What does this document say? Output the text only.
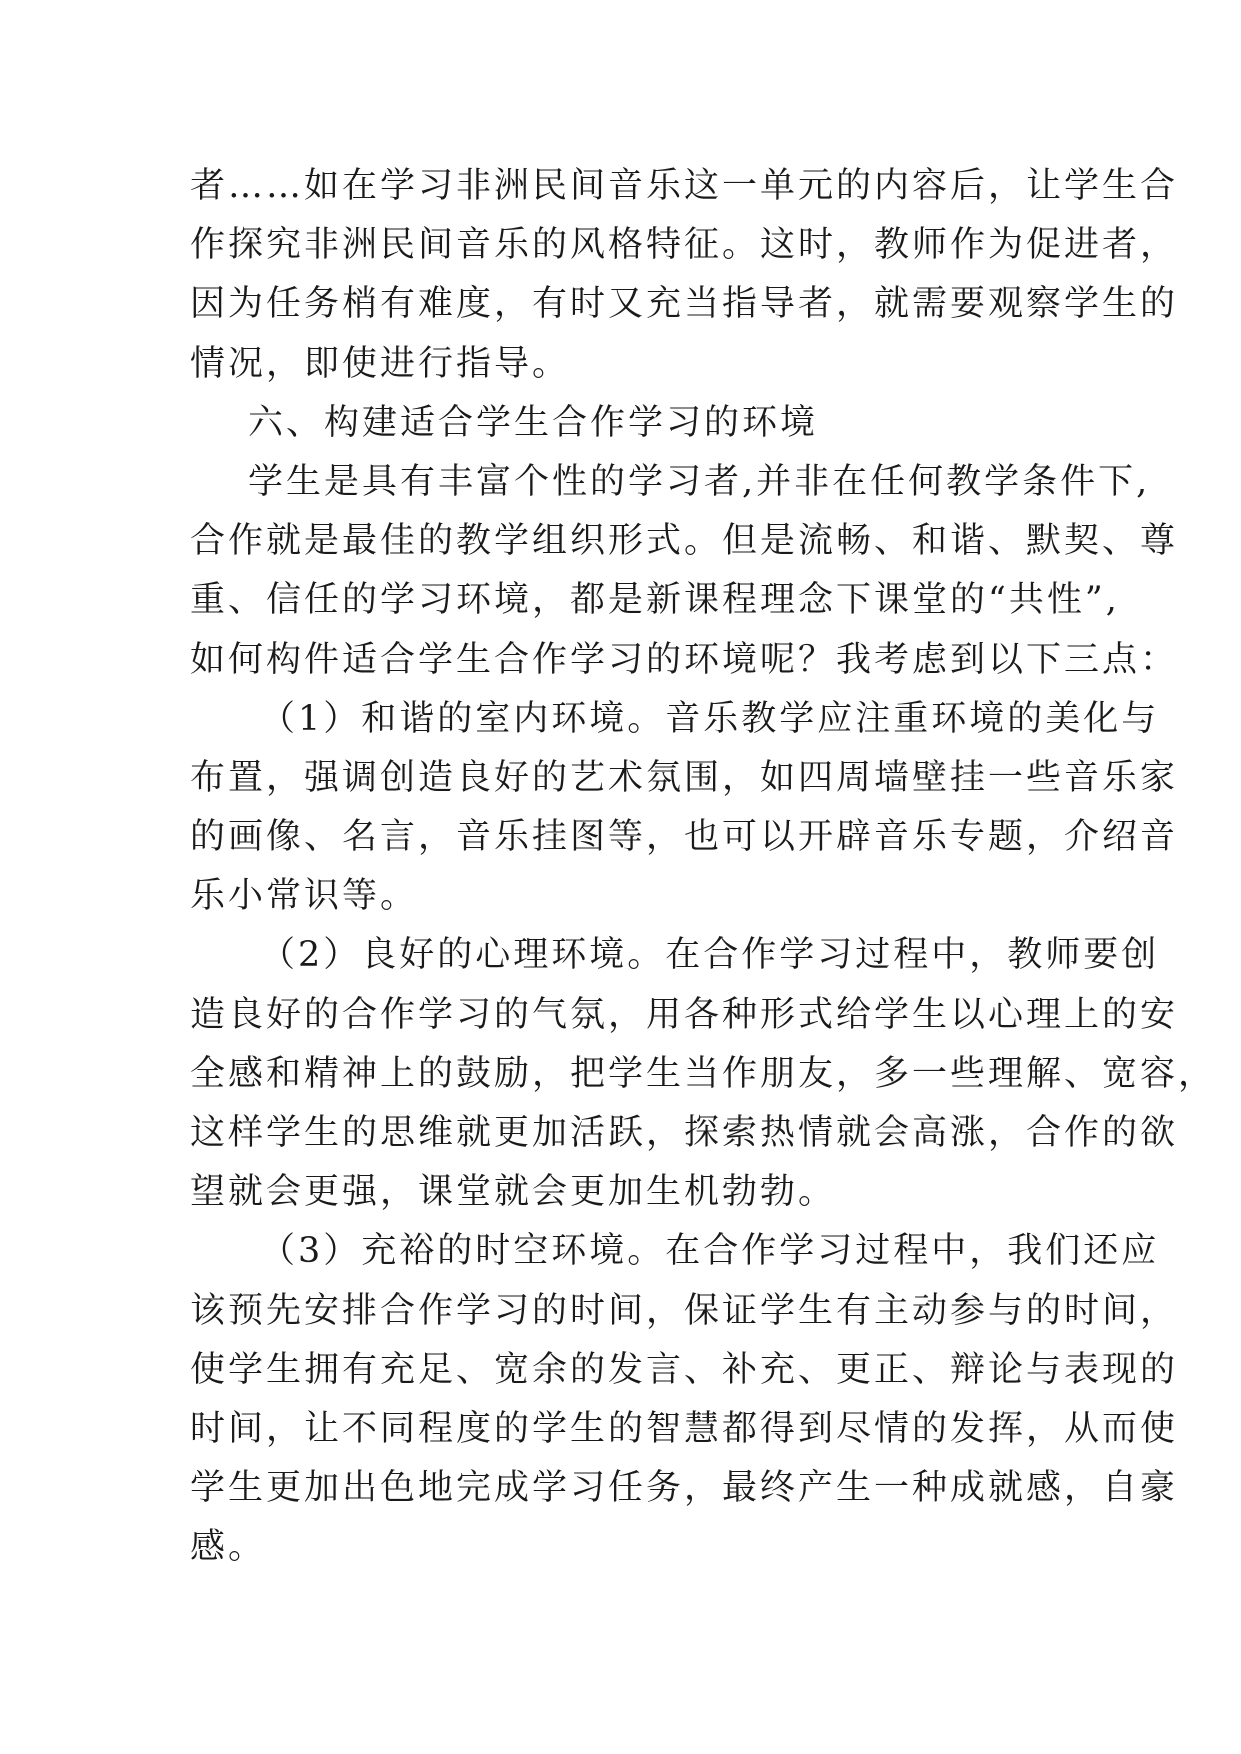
者……如在学习非洲民间音乐这一单元的内容后，让学生合
作探究非洲民间音乐的风格特征。这时，教师作为促进者，
因为任务梢有难度，有时又充当指导者，就需要观察学生的
情况，即使进行指导。
六、构建适合学生合作学习的环境
学生是具有丰富个性的学习者,并非在任何教学条件下,
合作就是最佳的教学组织形式。但是流畅、和谐、默契、尊
重、信任的学习环境，都是新课程理念下课堂的“共性”,
如何构件适合学生合作学习的环境呢？我考虑到以下三点：
（1）和谐的室内环境。音乐教学应注重环境的美化与
布置，强调创造良好的艺术氛围，如四周墙壁挂一些音乐家
的画像、名言，音乐挂图等，也可以开辟音乐专题，介绍音
乐小常识等。
（2）良好的心理环境。在合作学习过程中，教师要创
造良好的合作学习的气氛，用各种形式给学生以心理上的安
全感和精神上的鼓励，把学生当作朋友，多一些理解、宽容，
这样学生的思维就更加活跃，探索热情就会高涨，合作的欲
望就会更强，课堂就会更加生机勃勃。
（3）充裕的时空环境。在合作学习过程中，我们还应
该预先安排合作学习的时间，保证学生有主动参与的时间，
使学生拥有充足、宽余的发言、补充、更正、辩论与表现的
时间，让不同程度的学生的智慧都得到尽情的发挥，从而使
学生更加出色地完成学习任务，最终产生一种成就感，自豪
感。
